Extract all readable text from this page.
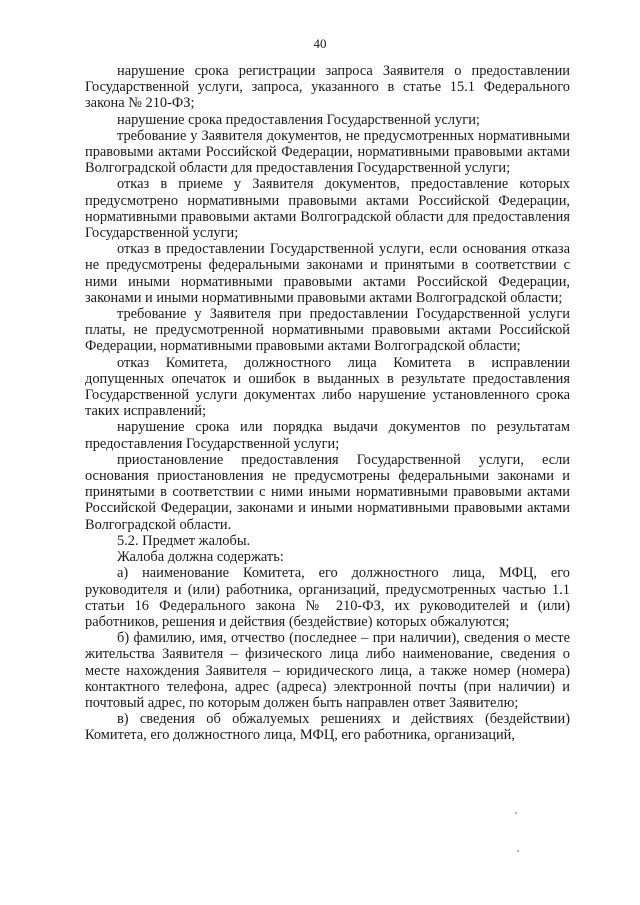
40

нарушение срока регистрации запроса Заявителя о предоставлении Государственной услуги, запроса, указанного в статье 15.1 Федерального закона № 210-ФЗ;

нарушение срока предоставления Государственной услуги;

требование у Заявителя документов, не предусмотренных нормативными правовыми актами Российской Федерации, нормативными правовыми актами Волгоградской области для предоставления Государственной услуги;

отказ в приеме у Заявителя документов, предоставление которых предусмотрено нормативными правовыми актами Российской Федерации, нормативными правовыми актами Волгоградской области для предоставления Государственной услуги;

отказ в предоставлении Государственной услуги, если основания отказа не предусмотрены федеральными законами и принятыми в соответствии с ними иными нормативными правовыми актами Российской Федерации, законами и иными нормативными правовыми актами Волгоградской области;

требование у Заявителя при предоставлении Государственной услуги платы, не предусмотренной нормативными правовыми актами Российской Федерации, нормативными правовыми актами Волгоградской области;

отказ Комитета, должностного лица Комитета в исправлении допущенных опечаток и ошибок в выданных в результате предоставления Государственной услуги документах либо нарушение установленного срока таких исправлений;

нарушение срока или порядка выдачи документов по результатам предоставления Государственной услуги;

приостановление предоставления Государственной услуги, если основания приостановления не предусмотрены федеральными законами и принятыми в соответствии с ними иными нормативными правовыми актами Российской Федерации, законами и иными нормативными правовыми актами Волгоградской области.

5.2. Предмет жалобы.

Жалоба должна содержать:

а) наименование Комитета, его должностного лица, МФЦ, его руководителя и (или) работника, организаций, предусмотренных частью 1.1 статьи 16 Федерального закона № 210-ФЗ, их руководителей и (или) работников, решения и действия (бездействие) которых обжалуются;

б) фамилию, имя, отчество (последнее – при наличии), сведения о месте жительства Заявителя – физического лица либо наименование, сведения о месте нахождения Заявителя – юридического лица, а также номер (номера) контактного телефона, адрес (адреса) электронной почты (при наличии) и почтовый адрес, по которым должен быть направлен ответ Заявителю;

в) сведения об обжалуемых решениях и действиях (бездействии) Комитета, его должностного лица, МФЦ, его работника, организаций,
